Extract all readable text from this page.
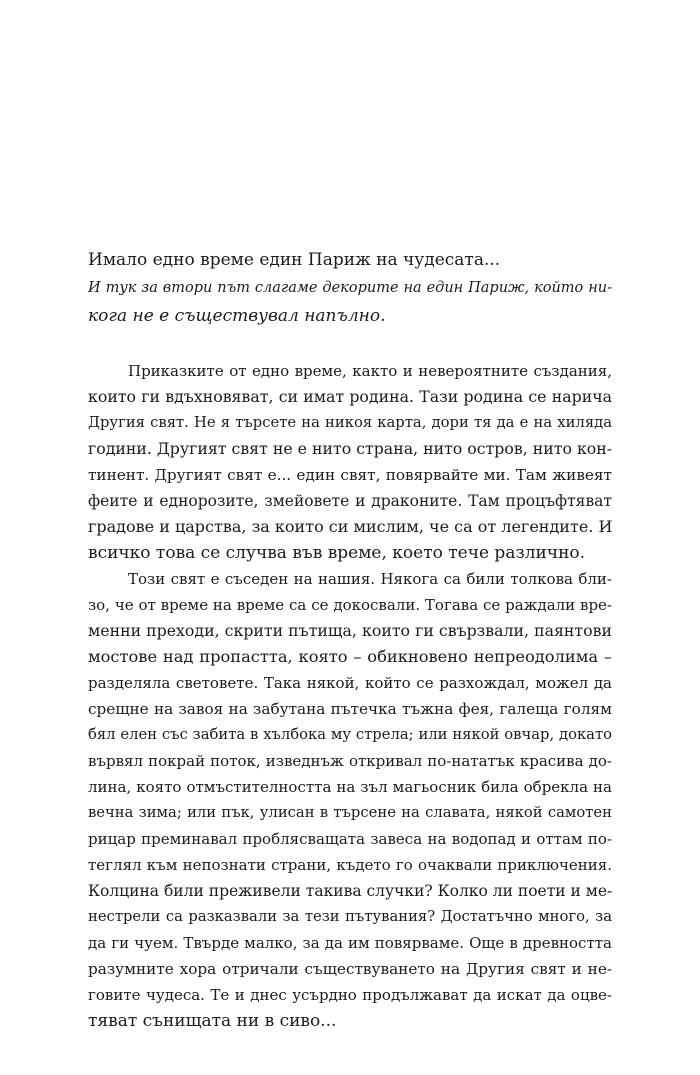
Имало едно време един Париж на чудесата...
И тук за втори път слагаме декорите на един Париж, който ни-
кога не е съществувал напълно.
Приказките от едно време, както и невероятните създания,
които ги вдъхновяват, си имат родина. Тази родина се нарича
Другия свят. Не я търсете на никоя карта, дори тя да е на хиляда
години. Другият свят не е нито страна, нито остров, нито кон-
тинент. Другият свят е... един свят, повярвайте ми. Там живеят
феите и еднорозите, змейовете и драконите. Там процъфтяват
градове и царства, за които си мислим, че са от легендите. И
всичко това се случва във време, което тече различно.
Този свят е съседен на нашия. Някога са били толкова бли-
зо, че от време на време са се докосвали. Тогава се раждали вре-
менни преходи, скрити пътища, които ги свързвали, паянтови
мостове над пропастта, която – обикновено непреодолима –
разделяла световете. Така някой, който се разхождал, можел да
срещне на завоя на забутана пътечка тъжна фея, галеща голям
бял елен със забита в хълбока му стрела; или някой овчар, докато
вървял покрай поток, изведнъж откривал по-нататък красива до-
лина, която отмъстителността на зъл магьосник била обрекла на
вечна зима; или пък, улисан в търсене на славата, някой самотен
рицар преминавал проблясващата завеса на водопад и оттам по-
теглял към непознати страни, където го очаквали приключения.
Колцина били преживели такива случки? Колко ли поети и ме-
нестрели са разказвали за тези пътувания? Достатъчно много, за
да ги чуем. Твърде малко, за да им повярваме. Още в древността
разумните хора отричали съществуването на Другия свят и не-
говите чудеса. Те и днес усърдно продължават да искат да оцве-
тяват сънищата ни в сиво...
